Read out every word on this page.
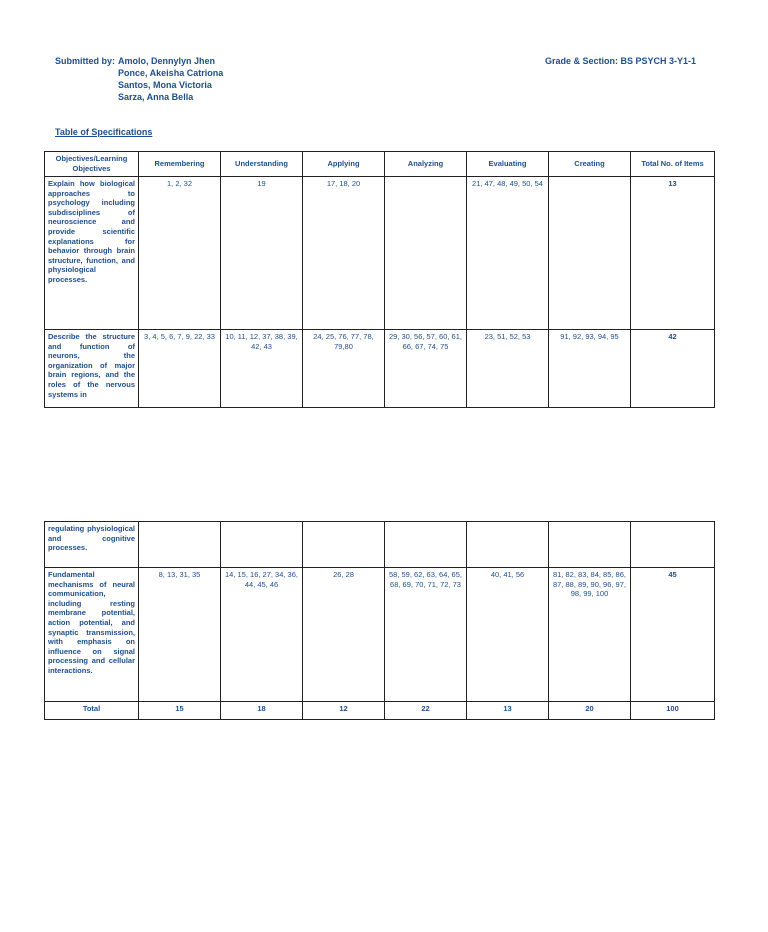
Submitted by: Amolo, Dennylyn Jhen
Ponce, Akeisha Catriona
Santos, Mona Victoria
Sarza, Anna Bella
Grade & Section: BS PSYCH 3-Y1-1
Table of Specifications
Objectives/Learning Objectives	Remembering	Understanding	Applying	Analyzing	Evaluating	Creating	Total No. of Items
Explain how biological approaches to psychology including subdisciplines of neuroscience and provide scientific explanations for behavior through brain structure, function, and physiological processes.	1, 2, 32	19	17, 18, 20		21, 47, 48, 49, 50, 54		13
Describe the structure and function of neurons, the organization of major brain regions, and the roles of the nervous systems in	3, 4, 5, 6, 7, 9, 22, 33	10, 11, 12, 37, 38, 39, 42, 43	24, 25, 76, 77, 78, 79,80	29, 30, 56, 57, 60, 61, 66, 67, 74, 75	23, 51, 52, 53	91, 92, 93, 94, 95	42
regulating physiological and cognitive processes.							
Fundamental mechanisms of neural communication, including resting membrane potential, action potential, and synaptic transmission, with emphasis on influence on signal processing and cellular interactions.	8, 13, 31, 35	14, 15, 16, 27, 34, 36, 44, 45, 46	26, 28	58, 59, 62, 63, 64, 65, 68, 69, 70, 71, 72, 73	40, 41, 56	81, 82, 83, 84, 85, 86, 87, 88, 89, 90, 96, 97, 98, 99, 100	45
Total	15	18	12	22	13	20	100
